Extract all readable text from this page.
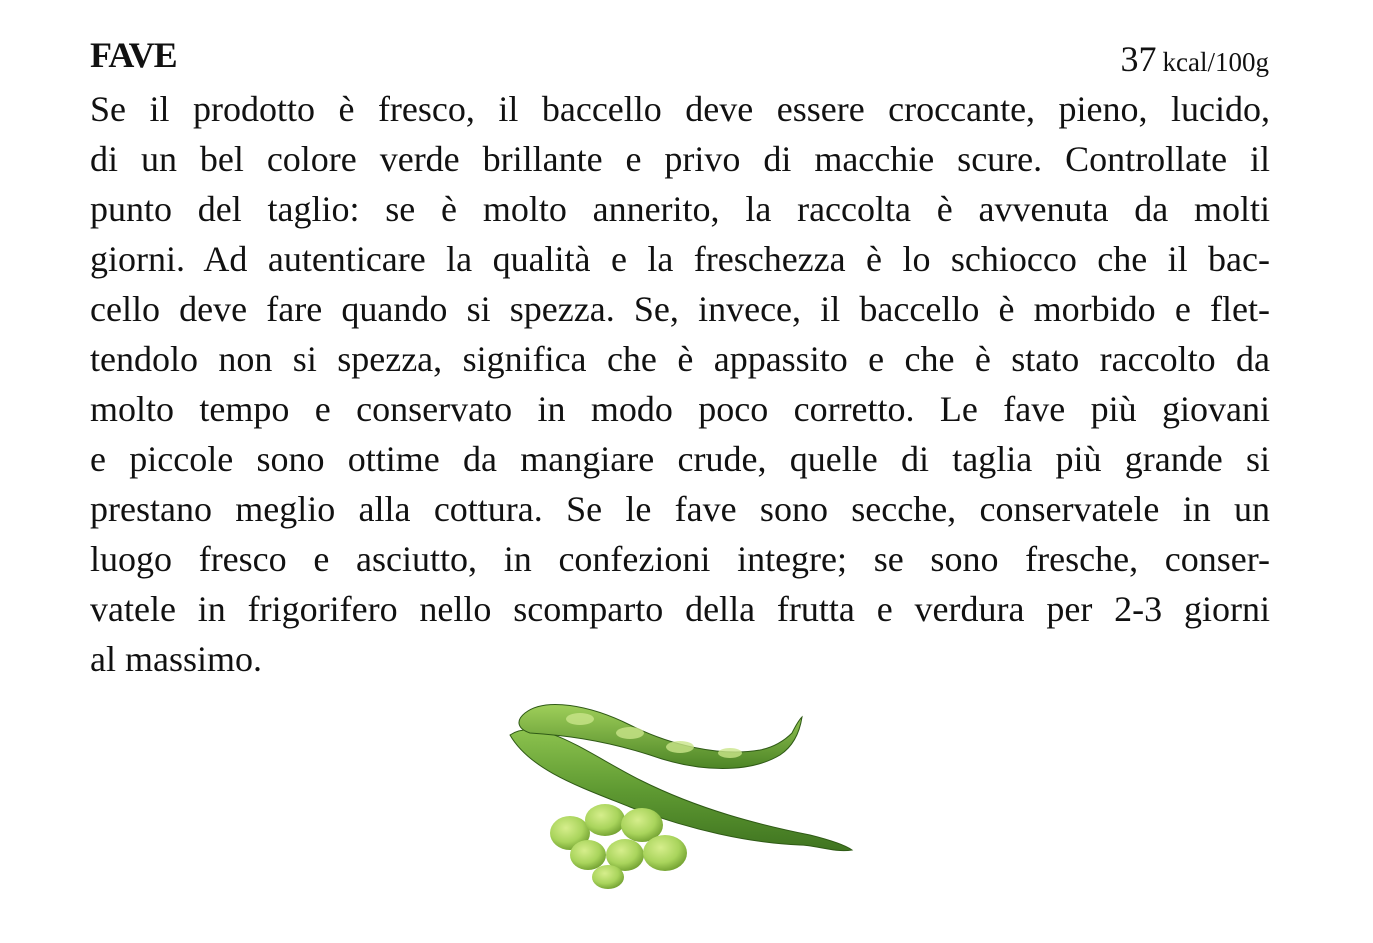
FAVE	37 kcal/100g
Se il prodotto è fresco, il baccello deve essere croccante, pieno, lucido,
di un bel colore verde brillante e privo di macchie scure. Controllate il
punto del taglio: se è molto annerito, la raccolta è avvenuta da molti
giorni. Ad autenticare la qualità e la freschezza è lo schiocco che il bac-
cello deve fare quando si spezza. Se, invece, il baccello è morbido e flet-
tendolo non si spezza, significa che è appassito e che è stato raccolto da
molto tempo e conservato in modo poco corretto. Le fave più giovani
e piccole sono ottime da mangiare crude, quelle di taglia più grande si
prestano meglio alla cottura. Se le fave sono secche, conservatele in un
luogo fresco e asciutto, in confezioni integre; se sono fresche, conser-
vatele in frigorifero nello scomparto della frutta e verdura per 2-3 giorni
al massimo.
